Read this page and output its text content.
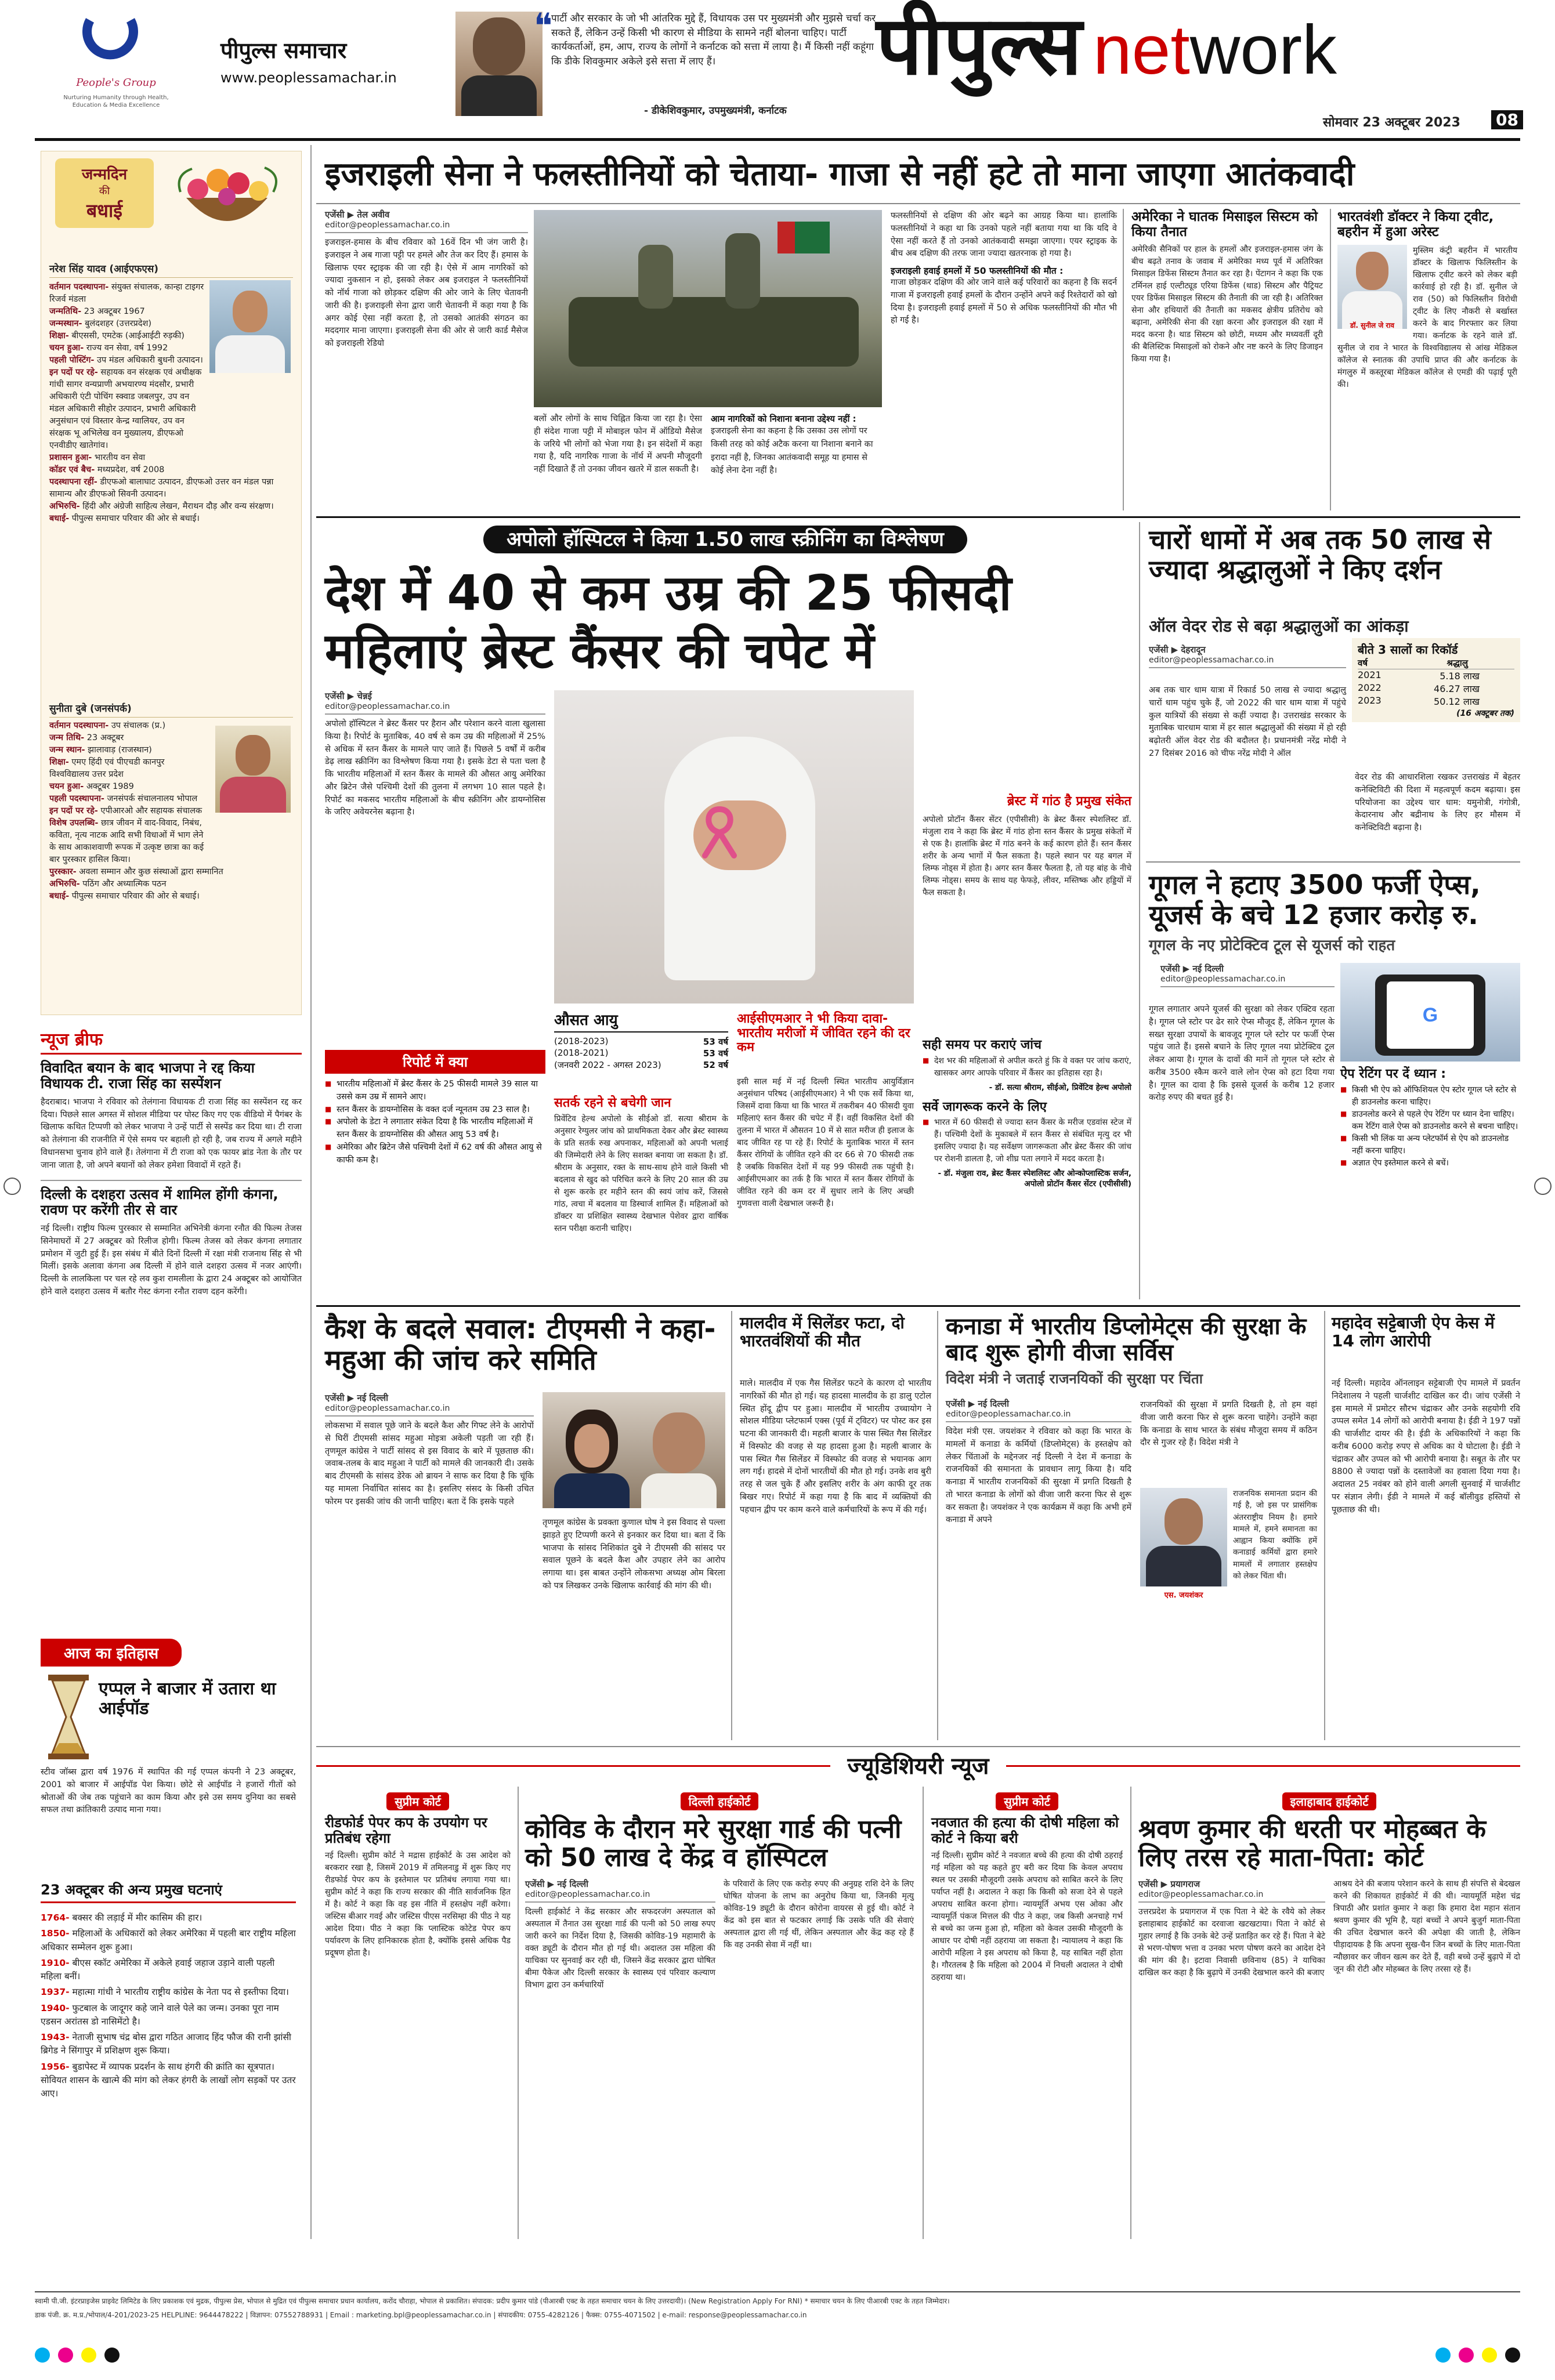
People's Group
Nurturing Humanity through Health, Education & Media Excellence
पीपुल्स समाचार
www.peoplessamachar.in
❝
पार्टी और सरकार के जो भी आंतरिक मुद्दे हैं, विधायक उस पर मुख्यमंत्री और मुझसे चर्चा कर सकते हैं, लेकिन उन्हें किसी भी कारण से मीडिया के सामने नहीं बोलना चाहिए। पार्टी कार्यकर्ताओं, हम, आप, राज्य के लोगों ने कर्नाटक को सत्ता में लाया है। मैं किसी नहीं कहूंगा कि डीके शिवकुमार अकेले इसे सत्ता में लाए हैं।
- डीकेशिवकुमार, उपमुख्यमंत्री, कर्नाटक
पीपुल्स network
सोमवार 23 अक्टूबर 2023 08
जन्मदिन
की
बधाई
नरेश सिंह यादव (आईएफएस)
वर्तमान पदस्थापना- संयुक्त संचालक, कान्हा टाइगर रिजर्व मंडला
जन्मतिथि- 23 अक्टूबर 1967
जन्मस्थान- बुलंदशहर (उत्तरप्रदेश)
शिक्षा- बीएससी, एमटेक (आईआईटी रुड़की)
चयन हुआ- राज्य वन सेवा, वर्ष 1992
पहली पोस्टिंग- उप मंडल अधिकारी बुधनी उत्पादन।
इन पदों पर रहे- सहायक वन संरक्षक एवं अधीक्षक गांधी सागर वन्यप्राणी अभयारण्य मंदसौर, प्रभारी अधिकारी एंटी पोचिंग स्क्वाड जबलपुर, उप वन मंडल अधिकारी सीहोर उत्पादन, प्रभारी अधिकारी अनुसंधान एवं विस्तार केन्द्र ग्वालियर, उप वन संरक्षक भू अभिलेख वन मुख्यालय, डीएफओ एनवीडीए खातेगांव।
प्रशासन हुआ- भारतीय वन सेवा
कॉडर एवं बैच- मध्यप्रदेश, वर्ष 2008
पदस्थापना रहीं- डीएफओ बालाघाट उत्पादन, डीएफओ उत्तर वन मंडल पन्ना सामान्य और डीएफओ सिवनी उत्पादन।
अभिरुचि- हिंदी और अंग्रेजी साहित्य लेखन, मैराथन दौड़ और वन्य संरक्षण।
बधाई- पीपुल्स समाचार परिवार की ओर से बधाई।
सुनीता दुबे (जनसंपर्क)
वर्तमान पदस्थापना- उप संचालक (प्र.)
जन्म तिथि- 23 अक्टूबर
जन्म स्थान- झालावाड़ (राजस्थान)
शिक्षा- एमए हिंदी एवं पीएचडी कानपुर विश्वविद्यालय उत्तर प्रदेश
चयन हुआ- अक्टूबर 1989
पहली पदस्थापना- जनसंपर्क संचालनालय भोपाल
इन पदों पर रहे- एपीआरओ और सहायक संचालक
विशेष उपलब्धि- छात्र जीवन में वाद-विवाद, निबंध, कविता, नृत्य नाटक आदि सभी विधाओं में भाग लेने के साथ आकाशवाणी रूपक में उत्कृष्ट छात्रा का कई बार पुरस्कार हासिल किया।
पुरस्कार- अवला सम्मान और कुछ संस्थाओं द्वारा सम्मानित
अभिरुचि- पठिंग और अध्यात्मिक पठन
बधाई- पीपुल्स समाचार परिवार की ओर से बधाई।
न्यूज ब्रीफ
विवादित बयान के बाद भाजपा ने रद्द किया विधायक टी. राजा सिंह का सस्पेंशन
हैदराबाद। भाजपा ने रविवार को तेलंगाना विधायक टी राजा सिंह का सस्पेंशन रद्द कर दिया। पिछले साल अगस्त में सोशल मीडिया पर पोस्ट किए गए एक वीडियो में पैगंबर के खिलाफ कथित टिप्पणी को लेकर भाजपा ने उन्हें पार्टी से सस्पेंड कर दिया था। टी राजा को तेलंगाना की राजनीति में ऐसे समय पर बहाली हो रही है, जब राज्य में अगले महीने विधानसभा चुनाव होने वाले हैं। तेलंगाना में टी राजा को एक फायर ब्रांड नेता के तौर पर जाना जाता है, जो अपने बयानों को लेकर हमेशा विवादों में रहते हैं।
दिल्ली के दशहरा उत्सव में शामिल होंगी कंगना, रावण पर करेंगी तीर से वार
नई दिल्ली। राष्ट्रीय फिल्म पुरस्कार से सम्मानित अभिनेत्री कंगना रनौत की फिल्म तेजस सिनेमाघरों में 27 अक्टूबर को रिलीज होगी। फिल्म तेजस को लेकर कंगना लगातार प्रमोशन में जुटी हुई हैं। इस संबंध में बीते दिनों दिल्ली में रक्षा मंत्री राजनाथ सिंह से भी मिलीं। इसके अलावा कंगना अब दिल्ली में होने वाले दशहरा उत्सव में नजर आएंगी। दिल्ली के लालकिला पर चल रहे लव कुश रामलीला के द्वारा 24 अक्टूबर को आयोजित होने वाले दशहरा उत्सव में बतौर गेस्ट कंगना रनौत रावण दहन करेंगी।
आज का इतिहास
एप्पल ने बाजार में उतारा था आईपॉड
स्टीव जॉब्स द्वारा वर्ष 1976 में स्थापित की गई एप्पल कंपनी ने 23 अक्टूबर, 2001 को बाजार में आईपॉड पेश किया। छोटे से आईपॉड ने हजारों गीतों को श्रोताओं की जेब तक पहुंचाने का काम किया और इसे उस समय दुनिया का सबसे सफल तथा क्रांतिकारी उत्पाद माना गया।
23 अक्टूबर की अन्य प्रमुख घटनाएं
1764- बक्सर की लड़ाई में मीर कासिम की हार।
1850- महिलाओं के अधिकारों को लेकर अमेरिका में पहली बार राष्ट्रीय महिला अधिकार सम्मेलन शुरू हुआ।
1910- बीएस स्कॉट अमेरिका में अकेले हवाई जहाज उड़ाने वाली पहली महिला बनीं।
1937- महात्मा गांधी ने भारतीय राष्ट्रीय कांग्रेस के नेता पद से इस्तीफा दिया।
1940- फुटबाल के जादूगर कहे जाने वाले पेले का जन्म। उनका पूरा नाम एडसन अरांतस डो नासिमेंटो है।
1943- नेताजी सुभाष चंद्र बोस द्वारा गठित आजाद हिंद फौज की रानी झांसी ब्रिगेड ने सिंगापुर में प्रशिक्षण शुरू किया।
1956- बुडापेस्ट में व्यापक प्रदर्शन के साथ हंगरी की क्रांति का सूत्रपात। सोवियत शासन के खात्मे की मांग को लेकर हंगरी के लाखों लोग सड़कों पर उतर आए।
इजराइली सेना ने फलस्तीनियों को चेताया- गाजा से नहीं हटे तो माना जाएगा आतंकवादी
एजेंसी ▶ तेल अवीव
editor@peoplessamachar.co.in
इजराइल-हमास के बीच रविवार को 16वें दिन भी जंग जारी है। इजराइल ने अब गाजा पट्टी पर हमले और तेज कर दिए हैं। हमास के खिलाफ एयर स्ट्राइक की जा रही है। ऐसे में आम नागरिकों को ज्यादा नुकसान न हो, इसको लेकर अब इजराइल ने फलस्तीनियों को नॉर्थ गाजा को छोड़कर दक्षिण की ओर जाने के लिए चेतावनी जारी की है। इजराइली सेना द्वारा जारी चेतावनी में कहा गया है कि अगर कोई ऐसा नहीं करता है, तो उसको आतंकी संगठन का मददगार माना जाएगा। इजराइली सेना की ओर से जारी कार्ड मैसेज को इजराइली रेडियो
बलों और लोगों के साथ चिह्नित किया जा रहा है। ऐसा ही संदेश गाजा पट्टी में मोबाइल फोन में ऑडियो मैसेज के जरिये भी लोगों को भेजा गया है। इन संदेशों में कहा गया है, यदि नागरिक गाजा के नॉर्थ में अपनी मौजूदगी नहीं दिखाते हैं तो उनका जीवन खतरे में डाल सकती है।
आम नागरिकों को निशाना बनाना उद्देश्य नहीं : इजराइली सेना का कहना है कि उसका उस लोगों पर किसी तरह को कोई अटैक करना या निशाना बनाने का इरादा नहीं है, जिनका आतंकवादी समूह या हमास से कोई लेना देना नहीं है।
फलस्तीनियों से दक्षिण की ओर बढ़ने का आग्रह किया था। हालांकि फलस्तीनियों ने कहा था कि उनको पहले नहीं बताया गया था कि यदि वे ऐसा नहीं करते हैं तो उनको आतंकवादी समझा जाएगा। एयर स्ट्राइक के बीच अब दक्षिण की तरफ जाना ज्यादा खतरनाक हो गया है।
इजराइली हवाई हमलों में 50 फलस्तीनियों की मौत :
गाजा छोड़कर दक्षिण की ओर जाने वाले कई परिवारों का कहना है कि सदर्न गाजा में इजराइली हवाई हमलों के दौरान उन्होंने अपने कई रिश्तेदारों को खो दिया है। इजराइली हवाई हमलों में 50 से अधिक फलस्तीनियों की मौत भी हो गई है।
अमेरिका ने घातक मिसाइल सिस्टम को किया तैनात
अमेरिकी सैनिकों पर हाल के हमलों और इजराइल-हमास जंग के बीच बढ़ते तनाव के जवाब में अमेरिका मध्य पूर्व में अतिरिक्त मिसाइल डिफेंस सिस्टम तैनात कर रहा है। पेंटागन ने कहा कि एक टर्मिनल हाई एल्टीट्यूड एरिया डिफेंस (थाड) सिस्टम और पैट्रियट एयर डिफेंस मिसाइल सिस्टम की तैनाती की जा रही है। अतिरिक्त सेना और हथियारों की तैनाती का मकसद क्षेत्रीय प्रतिरोध को बढ़ाना, अमेरिकी सेना की रक्षा करना और इजराइल की रक्षा में मदद करना है। थाड सिस्टम को छोटी, मध्यम और मध्यवर्ती दूरी की बैलिस्टिक मिसाइलों को रोकने और नष्ट करने के लिए डिजाइन किया गया है।
भारतवंशी डॉक्टर ने किया ट्वीट, बहरीन में हुआ अरेस्ट
मुस्लिम कंट्री बहरीन में भारतीय डॉक्टर के खिलाफ फिलिस्तीन के खिलाफ ट्वीट करने को लेकर बड़ी कार्रवाई हो रही है। डॉ. सुनील जे राव (50) को फिलिस्तीन विरोधी ट्वीट के लिए नौकरी से बर्खास्त करने के बाद गिरफ्तार कर लिया गया। कर्नाटक के रहने वाले डॉ. सुनील जे राव ने भारत के विश्वविद्यालय से आंख मेडिकल कॉलेज से स्नातक की उपाधि प्राप्त की और कर्नाटक के मंगलुरु में कस्तूरबा मेडिकल कॉलेज से एमडी की पढ़ाई पूरी की।
डॉ. सुनील जे राव
अपोलो हॉस्पिटल ने किया 1.50 लाख स्क्रीनिंग का विश्लेषण
देश में 40 से कम उम्र की 25 फीसदी
महिलाएं ब्रेस्ट कैंसर की चपेट में
एजेंसी ▶ चेन्नई
editor@peoplessamachar.co.in
अपोलो हॉस्पिटल ने ब्रेस्ट कैंसर पर हैरान और परेशान करने वाला खुलासा किया है। रिपोर्ट के मुताबिक, 40 वर्ष से कम उम्र की महिलाओं में 25% से अधिक में स्तन कैंसर के मामले पाए जाते हैं। पिछले 5 वर्षों में करीब डेढ़ लाख स्क्रीनिंग का विश्लेषण किया गया है। इसके डेटा से पता चला है कि भारतीय महिलाओं में स्तन कैंसर के मामले की औसत आयु अमेरिका और ब्रिटेन जैसे पश्चिमी देशों की तुलना में लगभग 10 साल पहले है। रिपोर्ट का मकसद भारतीय महिलाओं के बीच स्क्रीनिंग और डायग्नोसिस के जरिए अवेयरनेस बढ़ाना है।
ब्रेस्ट में गांठ है प्रमुख संकेत
अपोलो प्रोटॉन कैंसर सेंटर (एपीसीसी) के ब्रेस्ट कैंसर स्पेशलिस्ट डॉ. मंजुला राव ने कहा कि ब्रेस्ट में गांठ होना स्तन कैंसर के प्रमुख संकेतों में से एक है। हालांकि ब्रेस्ट में गांठ बनने के कई कारण होते हैं। स्तन कैंसर शरीर के अन्य भागों में फैल सकता है। पहले स्थान पर यह बगल में लिम्फ नोड्स में होता है। अगर स्तन कैंसर फैलता है, तो यह बांह के नीचे लिम्फ नोड्स। समय के साथ यह फेफड़े, लीवर, मस्तिष्क और हड्डियों में फैल सकता है।
औसत आयु
(2018-2023)	53 वर्ष
(2018-2021)	53 वर्ष
(जनवरी 2022 - अगस्त 2023)	52 वर्ष
आईसीएमआर ने भी किया दावा- भारतीय मरीजों में जीवित रहने की दर कम	सही समय पर कराएं जांच
■ देश भर की महिलाओं से अपील करते हुं कि वे वक्त पर जांच कराएं, खासकर अगर आपके परिवार में कैंसर का इतिहास रहा है।
- डॉ. सत्या श्रीराम, सीईओ, प्रिवेंटिव हेल्थ अपोलो
सर्वे जागरूक करने के लिए
■ भारत में 60 फीसदी से ज्यादा स्तन कैंसर के मरीज एडवांस स्टेज में हैं। पश्चिमी देशों के मुकाबले में स्तन कैंसर से संबंधित मृत्यु दर भी इसलिए ज्यादा है। यह सर्वेक्षण जागरूकता और ब्रेस्ट कैंसर की जांच पर रोशनी डालता है, जो शीघ्र पता लगाने में मदद करता है।
- डॉ. मंजुला राव, ब्रेस्ट कैंसर स्पेशलिस्ट और ओन्कोप्लास्टिक सर्जन, अपोलो प्रोटॉन कैंसर सेंटर (एपीसीसी)
रिपोर्ट में क्या
■ भारतीय महिलाओं में ब्रेस्ट कैंसर के 25 फीसदी मामले 39 साल या उससे कम उम्र में सामने आए।
■ स्तन कैंसर के डायग्नोसिस के वक्त दर्ज न्यूनतम उम्र 23 साल है।
■ अपोलो के डेटा ने लगातार संकेत दिया है कि भारतीय महिलाओं में स्तन कैंसर के डायग्नोसिस की औसत आयु 53 वर्ष है।
■ अमेरिका और ब्रिटेन जैसे पश्चिमी देशों में 62 वर्ष की औसत आयु से काफी कम है।
सतर्क रहने से बचेगी जान
प्रिवेंटिव हेल्थ अपोलो के सीईओ डॉ. सत्या श्रीराम के अनुसार रेग्युलर जांच को प्राथमिकता देकर और ब्रेस्ट स्वास्थ्य के प्रति सतर्क रुख अपनाकर, महिलाओं को अपनी भलाई की जिम्मेदारी लेने के लिए सशक्त बनाया जा सकता है। डॉ. श्रीराम के अनुसार, रक्त के साथ-साथ होने वाले किसी भी बदलाव से खुद को परिचित करने के लिए 20 साल की उम्र से शुरू करके हर महीने स्तन की स्वयं जांच करें, जिससे गांठ, त्वचा में बदलाव या डिस्चार्ज शामिल हैं। महिलाओं को डॉक्टर या प्रशिक्षित स्वास्थ्य देखभाल पेशेवर द्वारा वार्षिक स्तन परीक्षा करानी चाहिए।
इसी साल मई में नई दिल्ली स्थित भारतीय आयुर्विज्ञान अनुसंधान परिषद (आईसीएमआर) ने भी एक सर्वे किया था, जिसमें दावा किया था कि भारत में तकरीबन 40 फीसदी युवा महिलाएं स्तन कैंसर की चपेट में हैं। वहीं विकसित देशों की तुलना में भारत में औसतन 10 में से सात मरीज ही इलाज के बाद जीवित रह पा रहे हैं। रिपोर्ट के मुताबिक भारत में स्तन कैंसर रोगियों के जीवित रहने की दर 66 से 70 फीसदी तक है जबकि विकसित देशों में यह 99 फीसदी तक पहुंची है। आईसीएमआर का तर्क है कि भारत में स्तन कैंसर रोगियों के जीवित रहने की कम दर में सुधार लाने के लिए अच्छी गुणवत्ता वाली देखभाल जरूरी है।
चारों धामों में अब तक 50 लाख से ज्यादा श्रद्धालुओं ने किए दर्शन
ऑल वेदर रोड से बढ़ा श्रद्धालुओं का आंकड़ा
एजेंसी ▶ देहरादून
editor@peoplessamachar.co.in
बीते 3 सालों का रिकॉर्ड
वर्ष	श्रद्धालु
2021	5.18 लाख
2022	46.27 लाख
2023	50.12 लाख
(16 अक्टूबर तक)
अब तक चार धाम यात्रा में रिकार्ड 50 लाख से ज्यादा श्रद्धालु चारों धाम पहुंच चुके हैं, जो 2022 की चार धाम यात्रा में पहुंचे कुल यात्रियों की संख्या से कहीं ज्यादा है। उत्तराखंड सरकार के मुताबिक चारधाम यात्रा में हर साल श्रद्धालुओं की संख्या में हो रही बढ़ोतरी ऑल वेदर रोड की बदौलत है। प्रधानमंत्री नरेंद्र मोदी ने 27 दिसंबर 2016 को चीफ नरेंद्र मोदी ने ऑल
वेदर रोड की आधारशिला रखकर उत्तराखंड में बेहतर कनेक्टिविटी की दिशा में महत्वपूर्ण कदम बढ़ाया। इस परियोजना का उद्देश्य चार धाम: यमुनोत्री, गंगोत्री, केदारनाथ और बद्रीनाथ के लिए हर मौसम में कनेक्टिविटी बढ़ाना है।
गूगल ने हटाए 3500 फर्जी ऐप्स, यूजर्स के बचे 12 हजार करोड़ रु.
गूगल के नए प्रोटेक्टिव टूल से यूजर्स को राहत
एजेंसी ▶ नई दिल्ली
editor@peoplessamachar.co.in
G
गूगल लगातार अपने यूजर्स की सुरक्षा को लेकर एक्टिव रहता है। गूगल प्ले स्टोर पर ढेर सारे ऐप्स मौजूद हैं, लेकिन गूगल के सख्त सुरक्षा उपायों के बावजूद गूगल प्ले स्टोर पर फर्जी ऐप्स पहुंच जाते हैं। इससे बचाने के लिए गूगल नया प्रोटेक्टिव टूल लेकर आया है। गूगल के दावों की मानें तो गूगल प्ले स्टोर से करीब 3500 स्कैम करने वाले लोन ऐप्स को हटा दिया गया है। गूगल का दावा है कि इससे यूजर्स के करीब 12 हजार करोड़ रुपए की बचत हुई है।
ऐप रेटिंग पर दें ध्यान :
■ किसी भी ऐप को ऑफिशियल ऐप स्टोर गूगल प्ले स्टोर से ही डाउनलोड करना चाहिए।
■ डाउनलोड करने से पहले ऐप रेटिंग पर ध्यान देना चाहिए। कम रेटिंग वाले ऐप्स को डाउनलोड करने से बचना चाहिए।
■ किसी भी लिंक या अन्य प्लेटफॉर्म से ऐप को डाउनलोड नहीं करना चाहिए।
■ अज्ञात ऐप इस्तेमाल करने से बचें।
कैश के बदले सवाल: टीएमसी ने कहा- महुआ की जांच करे समिति
एजेंसी ▶ नई दिल्ली
editor@peoplessamachar.co.in
लोकसभा में सवाल पूछे जाने के बदले कैश और गिफ्ट लेने के आरोपों से घिरीं टीएमसी सांसद महुआ मोइत्रा अकेली पड़ती जा रही हैं। तृणमूल कांग्रेस ने पार्टी सांसद से इस विवाद के बारे में पूछताछ की। जवाब-तलब के बाद महुआ ने पार्टी को मामले की जानकारी दी। उसके बाद टीएमसी के सांसद डेरेक ओ ब्रायन ने साफ कर दिया है कि चूंकि यह मामला निर्वाचित सांसद का है। इसलिए संसद के किसी उचित फोरम पर इसकी जांच की जानी चाहिए। बता दें कि इसके पहले
तृणमूल कांग्रेस के प्रवक्ता कुणाल घोष ने इस विवाद से पल्ला झाड़ते हुए टिप्पणी करने से इनकार कर दिया था। बता दें कि भाजपा के सांसद निशिकांत दुबे ने टीएमसी की सांसद पर सवाल पूछने के बदले कैश और उपहार लेने का आरोप लगाया था। इस बाबत उन्होंने लोकसभा अध्यक्ष ओम बिरला को पत्र लिखकर उनके खिलाफ कार्रवाई की मांग की थी।
मालदीव में सिलेंडर फटा, दो भारतवंशियों की मौत
माले। मालदीव में एक गैस सिलेंडर फटने के कारण दो भारतीय नागरिकों की मौत हो गई। यह हादसा मालदीव के हा डालु एटोल स्थित होंदू द्वीप पर हुआ। मालदीव में भारतीय उच्चायोग ने सोशल मीडिया प्लेटफार्म एक्स (पूर्व में ट्विटर) पर पोस्ट कर इस घटना की जानकारी दी। महली बाजार के पास स्थित गैस सिलेंडर में विस्फोट की वजह से यह हादसा हुआ है। महली बाजार के पास स्थित गैस सिलेंडर में विस्फोट की वजह से भयानक आग लग गई। हादसे में दोनों भारतीयों की मौत हो गई। उनके शव बुरी तरह से जल चुके हैं और इसलिए शरीर के अंग काफी दूर तक बिखर गए। रिपोर्ट में कहा गया है कि बाद में व्यक्तियों की पहचान द्वीप पर काम करने वाले कर्मचारियों के रूप में की गई।
कनाडा में भारतीय डिप्लोमेट्स की सुरक्षा के बाद शुरू होगी वीजा सर्विस
विदेश मंत्री ने जताई राजनयिकों की सुरक्षा पर चिंता
एजेंसी ▶ नई दिल्ली
editor@peoplessamachar.co.in
विदेश मंत्री एस. जयशंकर ने रविवार को कहा कि भारत के मामलों में कनाडा के कर्मियों (डिप्लोमेट्स) के हस्तक्षेप को लेकर चिंताओं के मद्देनजर नई दिल्ली ने देश में कनाडा के राजनयिकों की समानता के प्रावधान लागू किया है। यदि कनाडा में भारतीय राजनयिकों की सुरक्षा में प्रगति दिखती है तो भारत कनाडा के लोगों को वीजा जारी करना फिर से शुरू कर सकता है। जयशंकर ने एक कार्यक्रम में कहा कि अभी हमें कनाडा में अपने
राजनयिकों की सुरक्षा में प्रगति दिखती है, तो हम वहां वीजा जारी करना फिर से शुरू करना चाहेंगे। उन्होंने कहा कि कनाडा के साथ भारत के संबंध मौजूदा समय में कठिन दौर से गुजर रहे हैं। विदेश मंत्री ने
एस. जयशंकर
राजनयिक समानता प्रदान की गई है, जो इस पर प्रासंगिक अंतरराष्ट्रीय नियम है। हमारे मामले में, हमने समानता का आह्वान किया क्योंकि हमें कनाडाई कर्मियों द्वारा हमारे मामलों में लगातार हस्तक्षेप को लेकर चिंता थी।
महादेव सट्टेबाजी ऐप केस में 14 लोग आरोपी
नई दिल्ली। महादेव ऑनलाइन सट्टेबाजी ऐप मामले में प्रवर्तन निदेशालय ने पहली चार्जशीट दाखिल कर दी। जांच एजेंसी ने इस मामले में प्रमोटर सौरभ चंद्राकर और उनके सहयोगी रवि उप्पल समेत 14 लोगों को आरोपी बनाया है। ईडी ने 197 पन्नों की चार्जशीट दायर की है। ईडी के अधिकारियों ने कहा कि करीब 6000 करोड़ रुपए से अधिक का ये घोटाला है। ईडी ने चंद्राकर और उप्पल को भी आरोपी बनाया है। सबूत के तौर पर 8800 से ज्यादा पन्नों के दस्तावेजों का हवाला दिया गया है। अदालत 25 नवंबर को होने वाली अगली सुनवाई में चार्जशीट पर संज्ञान लेगी। ईडी ने मामले में कई बॉलीवुड हस्तियों से पूछताछ की थी।
ज्यूडिशियरी न्यूज
सुप्रीम कोर्ट
रीडफोर्ड पेपर कप के उपयोग पर प्रतिबंध रहेगा
नई दिल्ली। सुप्रीम कोर्ट ने मद्रास हाईकोर्ट के उस आदेश को बरकरार रखा है, जिसमें 2019 में तमिलनाडु में शुरू किए गए रीडफोर्ड पेपर कप के इस्तेमाल पर प्रतिबंध लगाया गया था। सुप्रीम कोर्ट ने कहा कि राज्य सरकार की नीति सार्वजनिक हित में है। कोर्ट ने कहा कि वह इस नीति में हस्तक्षेप नहीं करेगा। जस्टिस बीआर गवई और जस्टिस पीएस नरसिम्हा की पीठ ने यह आदेश दिया। पीठ ने कहा कि प्लास्टिक कोटेड पेपर कप पर्यावरण के लिए हानिकारक होता है, क्योंकि इससे अधिक पैड प्रदूषण होता है।
दिल्ली हाईकोर्ट
कोविड के दौरान मरे सुरक्षा गार्ड की पत्नी को 50 लाख दे केंद्र व हॉस्पिटल
एजेंसी ▶ नई दिल्ली
editor@peoplessamachar.co.in
दिल्ली हाईकोर्ट ने केंद्र सरकार और सफदरजंग अस्पताल को अस्पताल में तैनात उस सुरक्षा गार्ड की पत्नी को 50 लाख रुपए जारी करने का निर्देश दिया है, जिसकी कोविड-19 महामारी के वक्त ड्यूटी के दौरान मौत हो गई थी। अदालत उस महिला की याचिका पर सुनवाई कर रही थी, जिसने केंद्र सरकार द्वारा घोषित बीमा पैकेज और दिल्ली सरकार के स्वास्थ्य एवं परिवार कल्याण विभाग द्वारा उन कर्मचारियों
के परिवारों के लिए एक करोड़ रुपए की अनुग्रह राशि देने के लिए घोषित योजना के लाभ का अनुरोध किया था, जिनकी मृत्यु कोविड-19 ड्यूटी के दौरान कोरोना वायरस से हुई थी। कोर्ट ने केंद्र को इस बात से फटकार लगाई कि उसके पति की सेवाएं अस्पताल द्वारा ली गई थीं, लेकिन अस्पताल और केंद्र कह रहे हैं कि वह उनकी सेवा में नहीं था।
सुप्रीम कोर्ट
नवजात की हत्या की दोषी महिला को कोर्ट ने किया बरी
नई दिल्ली। सुप्रीम कोर्ट ने नवजात बच्चे की हत्या की दोषी ठहराई गई महिला को यह कहते हुए बरी कर दिया कि केवल अपराध स्थल पर उसकी मौजूदगी उसके अपराध को साबित करने के लिए पर्याप्त नहीं है। अदालत ने कहा कि किसी को सजा देने से पहले अपराध साबित करना होगा। न्यायमूर्ति अभय एस ओका और न्यायमूर्ति पंकज मित्तल की पीठ ने कहा, जब किसी अनचाहे गर्भ से बच्चे का जन्म हुआ हो, महिला को केवल उसकी मौजूदगी के आधार पर दोषी नहीं ठहराया जा सकता है। न्यायालय ने कहा कि आरोपी महिला ने इस अपराध को किया है, यह साबित नहीं होता है। गौरतलब है कि महिला को 2004 में निचली अदालत ने दोषी ठहराया था।
इलाहाबाद हाईकोर्ट
श्रवण कुमार की धरती पर मोहब्बत के लिए तरस रहे माता-पिता: कोर्ट
एजेंसी ▶ प्रयागराज
editor@peoplessamachar.co.in
उत्तरप्रदेश के प्रयागराज में एक पिता ने बेटे के रवैये को लेकर इलाहाबाद हाईकोर्ट का दरवाजा खटखटाया। पिता ने कोर्ट से गुहार लगाई है कि उनके बेटे उन्हें प्रताड़ित कर रहे हैं। पिता ने बेटे से भरण-पोषण भत्ता व उनका भरण पोषण करने का आदेश देने की मांग की है। इटावा निवासी छविनाथ (85) ने याचिका दाखिल कर कहा है कि बुढ़ापे में उनकी देखभाल करने की बजाए
आश्रय देने की बजाय परेशान करने के साथ ही संपत्ति से बेदखल करने की शिकायत हाईकोर्ट में की थी। न्यायमूर्ति महेश चंद्र त्रिपाठी और प्रशांत कुमार ने कहा कि हमारा देश महान संतान श्रवण कुमार की भूमि है, यहां बच्चों ने अपने बुजुर्ग माता-पिता की उचित देखभाल करने की अपेक्षा की जाती है, लेकिन पीड़ादायक है कि अपना सुख-चैन जिन बच्चों के लिए माता-पिता न्यौछावर कर जीवन खत्म कर देते हैं, वही बच्चे उन्हें बुढ़ापे में दो जून की रोटी और मोहब्बत के लिए तरसा रहे हैं।
स्वामी पी.जी. इंटरप्राइजेस प्राइवेट लिमिटेड के लिए प्रकाशक एवं मुद्रक, पीपुल्स प्रेस, भोपाल से मुद्रित एवं पीपुल्स समाचार प्रधान कार्यालय, करोंद चौराहा, भोपाल से प्रकाशित। संपादक: प्रदीप कुमार पांडे (पीआरबी एक्ट के तहत समाचार चयन के लिए उत्तरदायी)। (New Registration Apply For RNI) * समाचार चयन के लिए पीआरबी एक्ट के तहत जिम्मेदार।
डाक पंजी. क्र. म.प्र./भोपाल/4-201/2023-25 HELPLINE: 9644478222 | विज्ञापन: 07552788931 | Email : marketing.bpl@peoplessamachar.co.in | संपादकीय: 0755-4282126 | फैक्स: 0755-4071502 | e-mail: response@peoplessamachar.co.in
